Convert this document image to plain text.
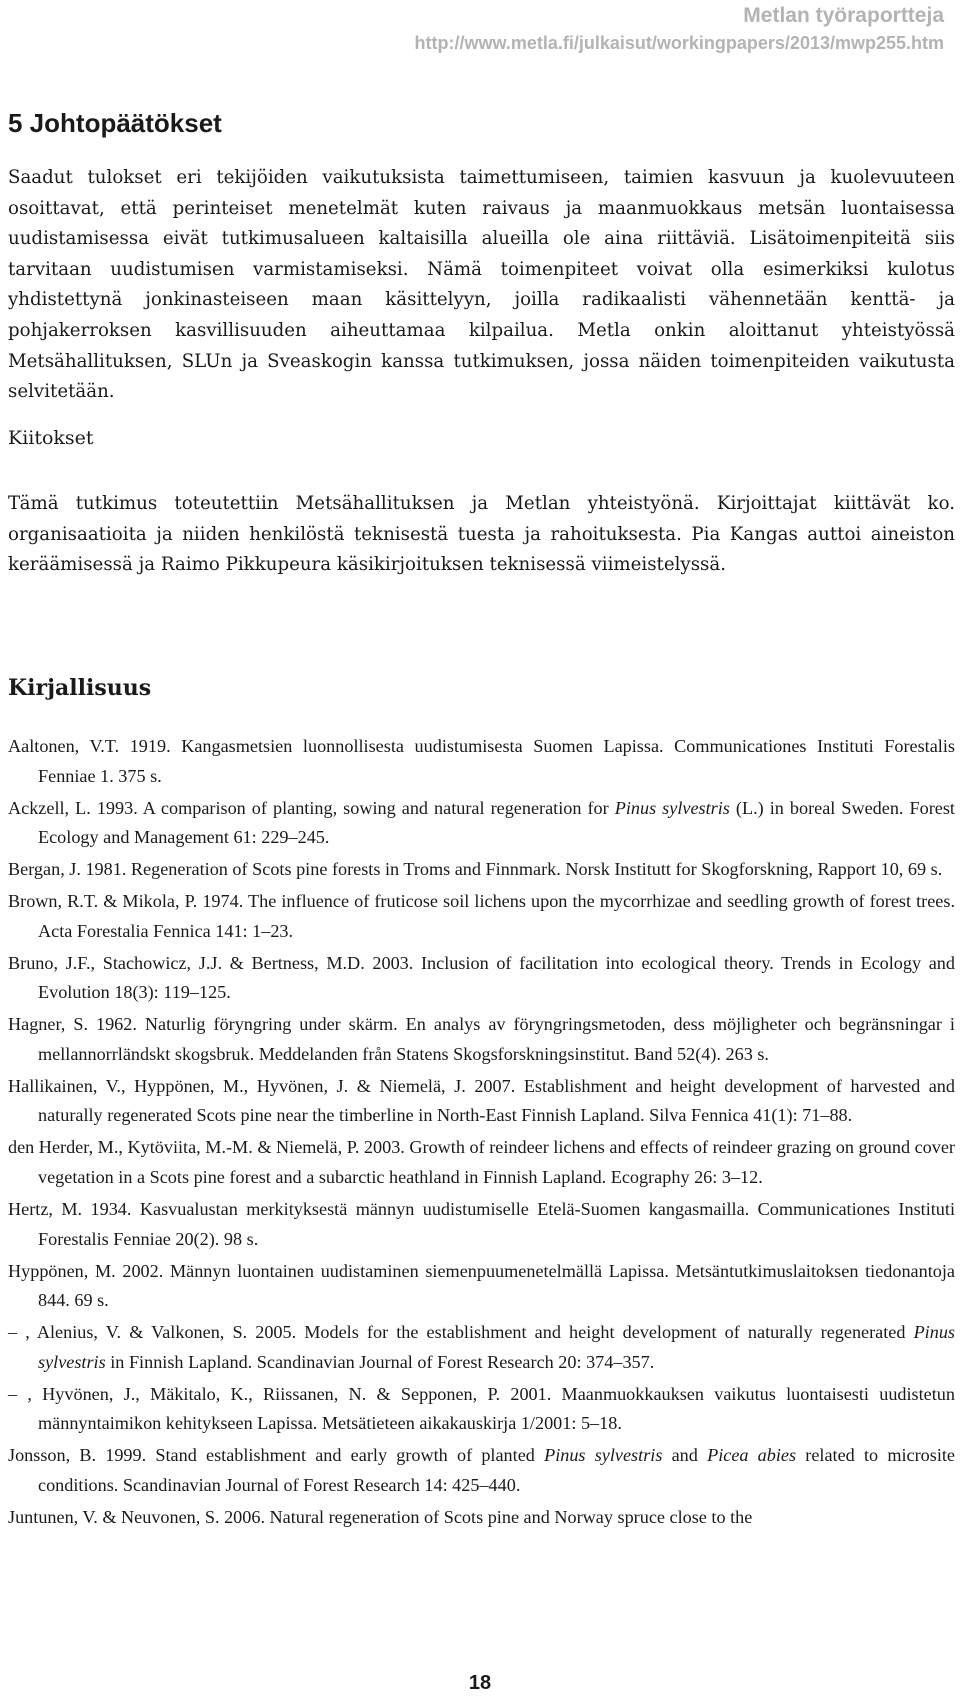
Metlan työraportteja
http://www.metla.fi/julkaisut/workingpapers/2013/mwp255.htm
5 Johtopäätökset

Saadut tulokset eri tekijöiden vaikutuksista taimettumiseen, taimien kasvuun ja kuolevuuteen osoittavat, että perinteiset menetelmät kuten raivaus ja maanmuokkaus metsän luontaisessa uudistamisessa eivät tutkimusalueen kaltaisilla alueilla ole aina riittäviä. Lisätoimenpiteitä siis tarvitaan uudistumisen varmistamiseksi. Nämä toimenpiteet voivat olla esimerkiksi kulotus yhdistettynä jonkinasteiseen maan käsittelyyn, joilla radikaalisti vähennetään kenttä- ja pohjakerroksen kasvillisuuden aiheuttamaa kilpailua. Metla onkin aloittanut yhteistyössä Metsähallituksen, SLUn ja Sveaskogin kanssa tutkimuksen, jossa näiden toimenpiteiden vaikutusta selvitetään.

Kiitokset

Tämä tutkimus toteutettiin Metsähallituksen ja Metlan yhteistyönä. Kirjoittajat kiittävät ko. organisaatioita ja niiden henkilöstä teknisestä tuesta ja rahoituksesta. Pia Kangas auttoi aineiston keräämisessä ja Raimo Pikkupeura käsikirjoituksen teknisessä viimeistelyssä.

Kirjallisuus
Aaltonen, V.T. 1919. Kangasmetsien luonnollisesta uudistumisesta Suomen Lapissa. Communicationes Instituti Forestalis Fenniae 1. 375 s.
Ackzell, L. 1993. A comparison of planting, sowing and natural regeneration for Pinus sylvestris (L.) in boreal Sweden. Forest Ecology and Management 61: 229–245.
Bergan, J. 1981. Regeneration of Scots pine forests in Troms and Finnmark. Norsk Institutt for Skogforskning, Rapport 10, 69 s.
Brown, R.T. & Mikola, P. 1974. The influence of fruticose soil lichens upon the mycorrhizae and seedling growth of forest trees. Acta Forestalia Fennica 141: 1–23.
Bruno, J.F., Stachowicz, J.J. & Bertness, M.D. 2003. Inclusion of facilitation into ecological theory. Trends in Ecology and Evolution 18(3): 119–125.
Hagner, S. 1962. Naturlig föryngring under skärm. En analys av föryngringsmetoden, dess möjligheter och begränsningar i mellannorrländskt skogsbruk. Meddelanden från Statens Skogsforskningsinstitut. Band 52(4). 263 s.
Hallikainen, V., Hyppönen, M., Hyvönen, J. & Niemelä, J. 2007. Establishment and height development of harvested and naturally regenerated Scots pine near the timberline in North-East Finnish Lapland. Silva Fennica 41(1): 71–88.
den Herder, M., Kytöviita, M.-M. & Niemelä, P. 2003. Growth of reindeer lichens and effects of reindeer grazing on ground cover vegetation in a Scots pine forest and a subarctic heathland in Finnish Lapland. Ecography 26: 3–12.
Hertz, M. 1934. Kasvualustan merkityksestä männyn uudistumiselle Etelä-Suomen kangasmailla. Communicationes Instituti Forestalis Fenniae 20(2). 98 s.
Hyppönen, M. 2002. Männyn luontainen uudistaminen siemenpuumenetelmällä Lapissa. Metsäntutkimuslaitoksen tiedonantoja 844. 69 s.
– , Alenius, V. & Valkonen, S. 2005. Models for the establishment and height development of naturally regenerated Pinus sylvestris in Finnish Lapland. Scandinavian Journal of Forest Research 20: 374–357.
– , Hyvönen, J., Mäkitalo, K., Riissanen, N. & Sepponen, P. 2001. Maanmuokkauksen vaikutus luontaisesti uudistetun männyntaimikon kehitykseen Lapissa. Metsätieteen aikakauskirja 1/2001: 5–18.
Jonsson, B. 1999. Stand establishment and early growth of planted Pinus sylvestris and Picea abies related to microsite conditions. Scandinavian Journal of Forest Research 14: 425–440.
Juntunen, V. & Neuvonen, S. 2006. Natural regeneration of Scots pine and Norway spruce close to the
18
